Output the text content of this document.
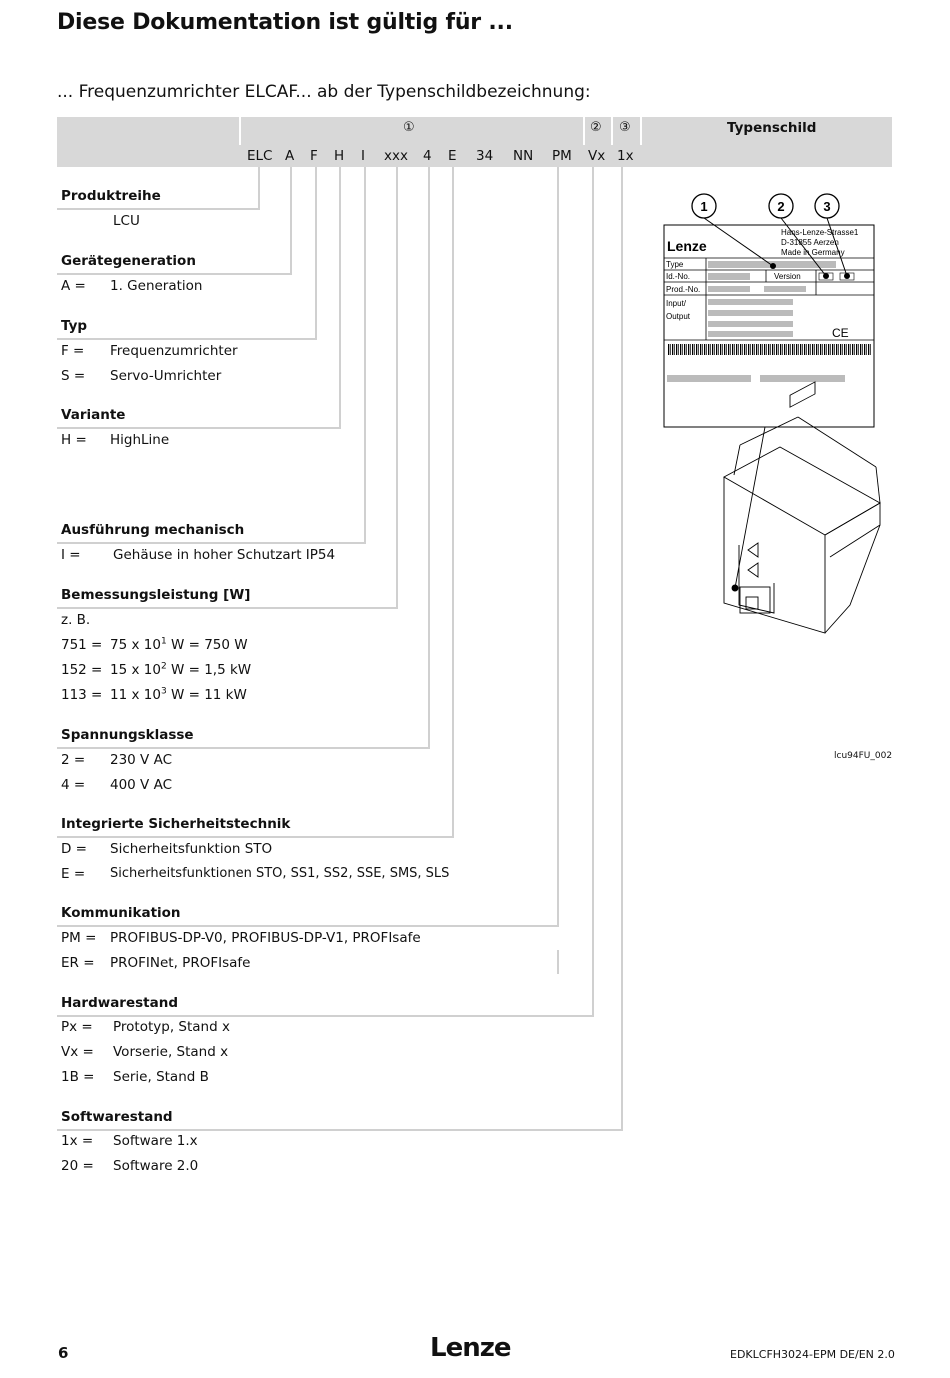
Diese Dokumentation ist gültig für ...
... Frequenzumrichter ELCAF... ab der Typenschildbezeichnung:
①	② ③	Typenschild
ELC A F H I xxx 4 E 34 NN PM Vx 1x
Produktreihe
LCU
Gerätegeneration
A = 1. Generation
Typ
F = Frequenzumrichter
S = Servo-Umrichter
Variante
H = HighLine
Ausführung mechanisch
I = Gehäuse in hoher Schutzart IP54
Bemessungsleistung [W]
z. B.
751 = 75 x $10^1$ W = 750 W
152 = 15 x $10^2$ W = 1,5 kW
113 = 11 x $10^3$ W = 11 kW
Spannungsklasse
2 = 230 V AC
4 = 400 V AC
Integrierte Sicherheitstechnik
D = Sicherheitsfunktion STO
E = Sicherheitsfunktionen STO, SS1, SS2, SSE, SMS, SLS
Kommunikation
PM = PROFIBUS-DP-V0, PROFIBUS-DP-V1, PROFIsafe
ER = PROFINet, PROFIsafe
Hardwarestand
Px = Prototyp, Stand x
Vx = Vorserie, Stand x
1B = Serie, Stand B
Softwarestand
1x = Software 1.x
20 = Software 2.0
1	2	3
Lenze
Hans-Lenze-Strasse1
D-31855 Aerzen
Made in Germany
Type
Id.-No.	Version
Prod.-No.
Input/
Output
CE
lcu94FU_002
6	Lenze	EDKLCFH3024-EPM DE/EN 2.0
